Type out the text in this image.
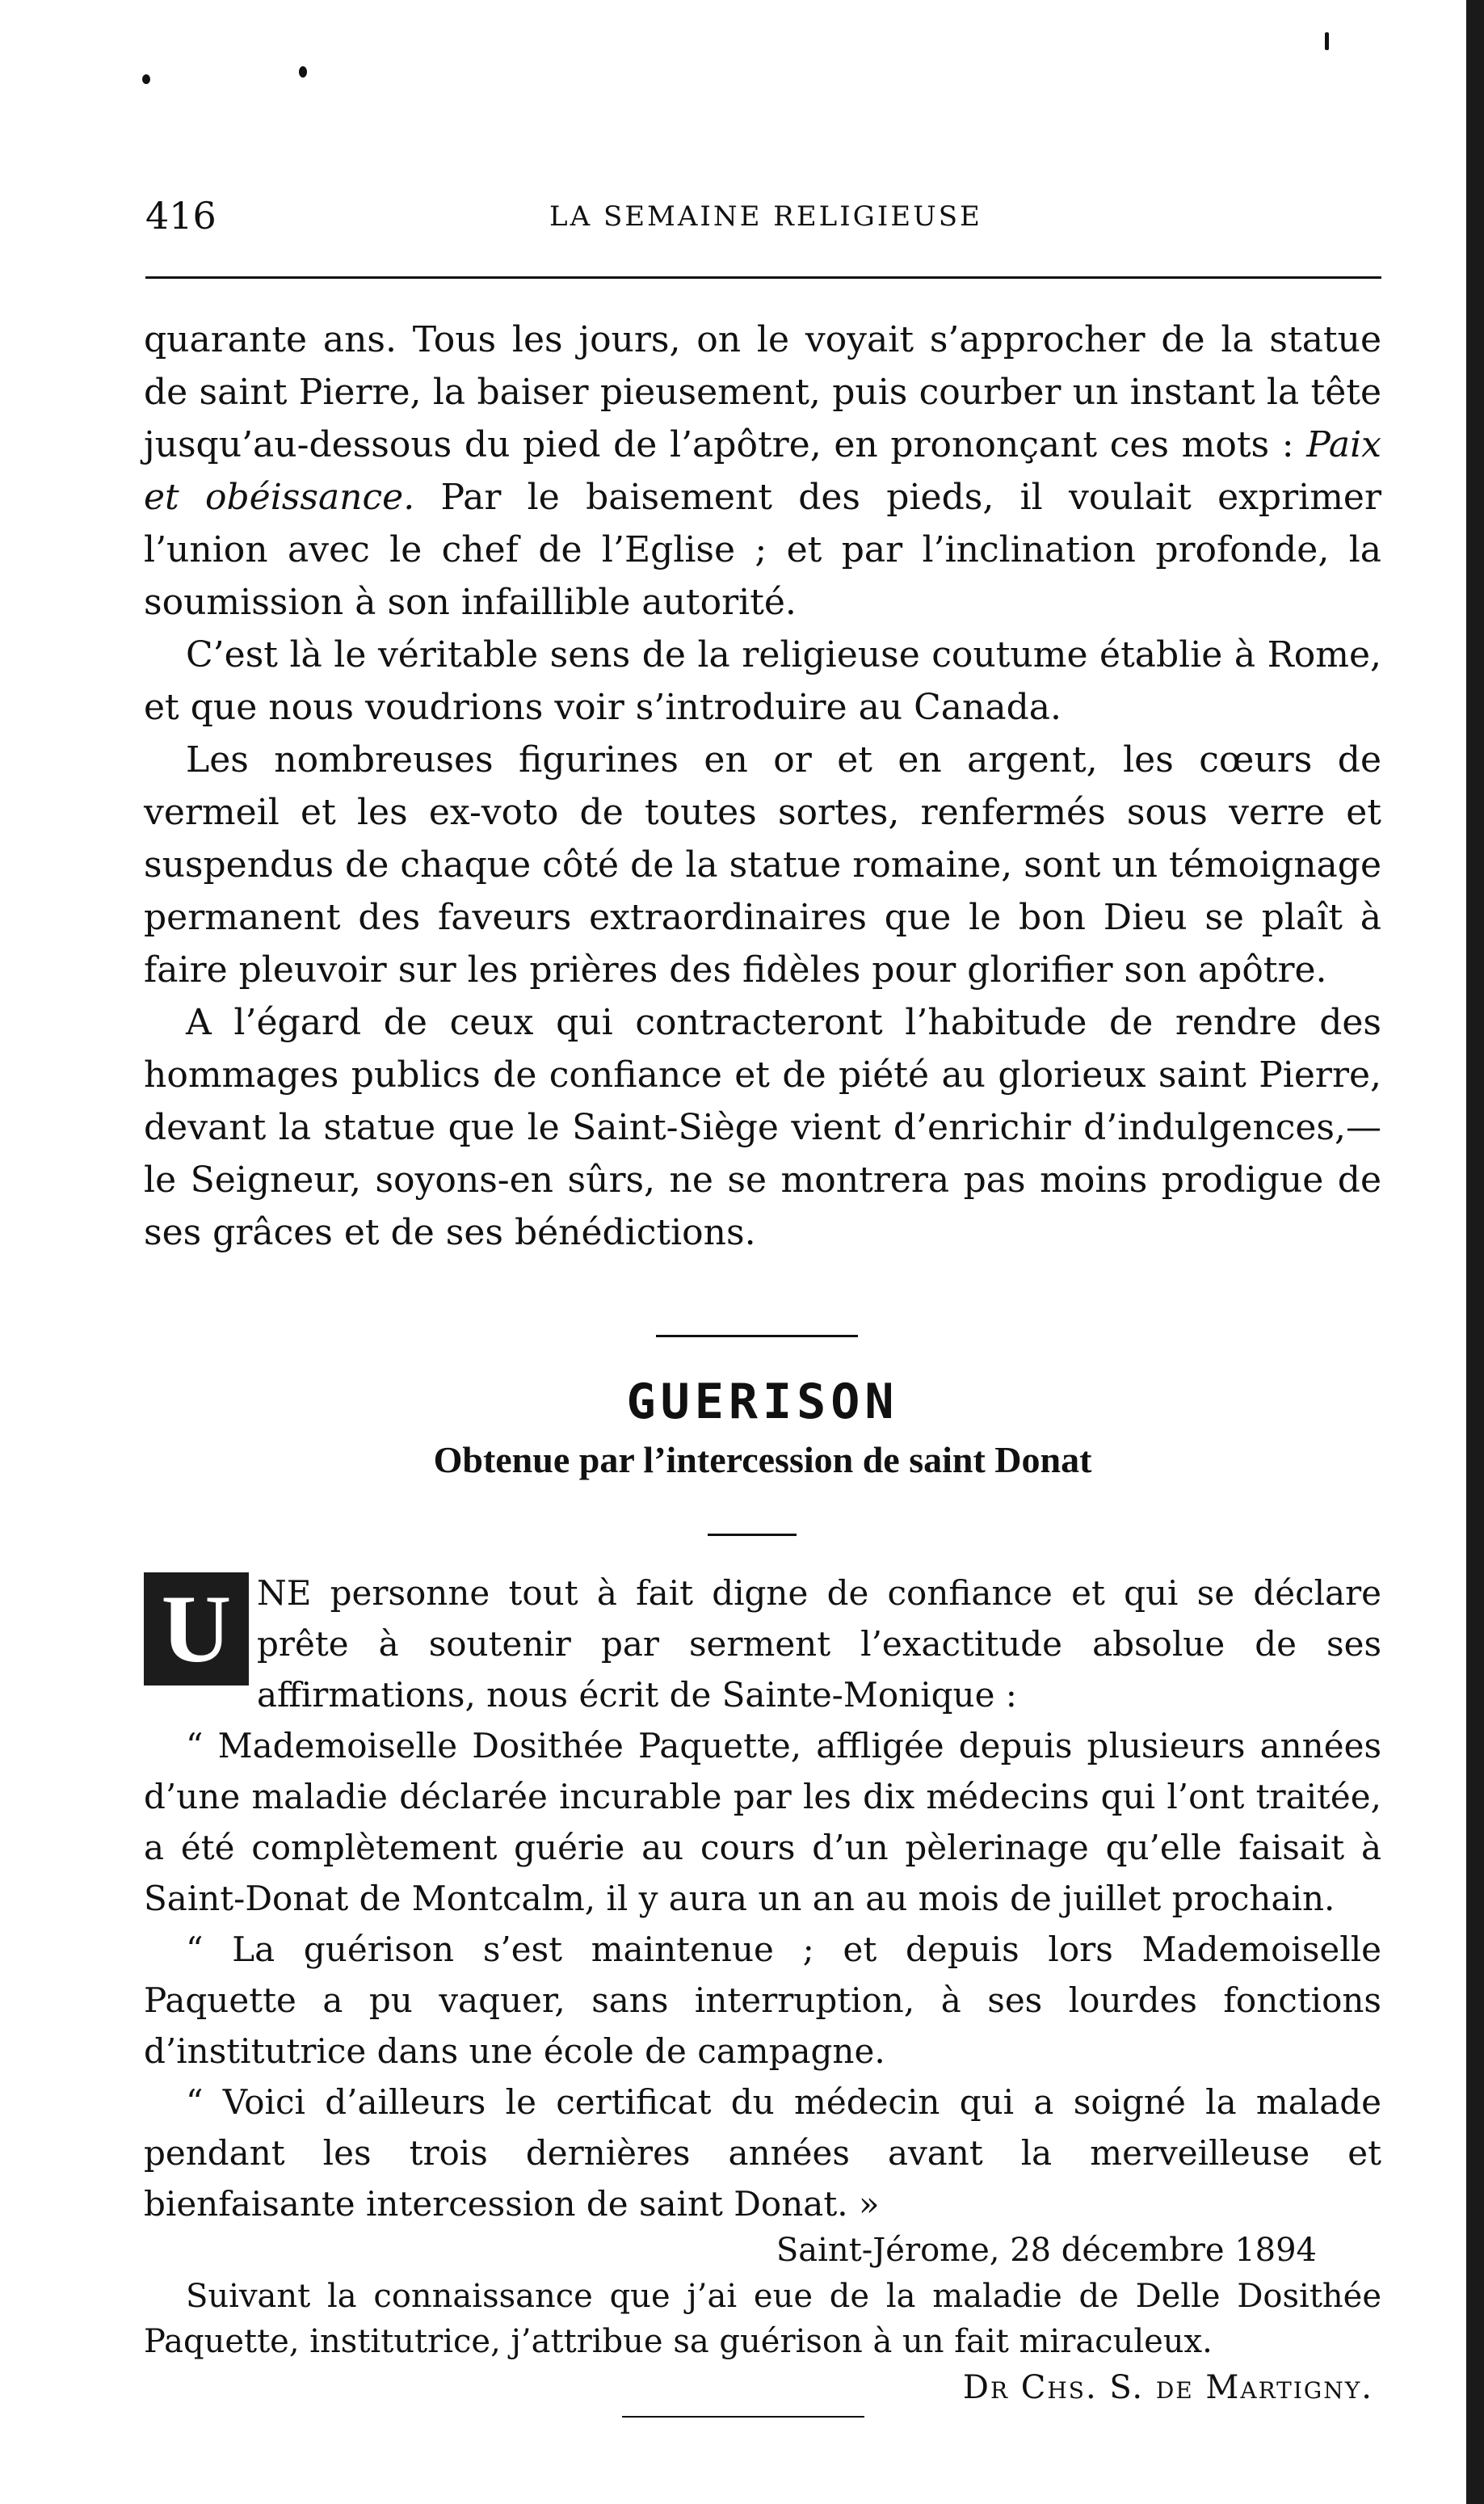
416	LA SEMAINE RELIGIEUSE

quarante ans. Tous les jours, on le voyait s’approcher de la statue de saint Pierre, la baiser pieusement, puis courber un instant la tête jusqu’au-dessous du pied de l’apôtre, en prononçant ces mots : Paix et obéissance. Par le baisement des pieds, il voulait exprimer l’union avec le chef de l’Eglise ; et par l’inclination profonde, la soumission à son infaillible autorité.

C’est là le véritable sens de la religieuse coutume établie à Rome, et que nous voudrions voir s’introduire au Canada.

Les nombreuses figurines en or et en argent, les cœurs de vermeil et les ex-voto de toutes sortes, renfermés sous verre et suspendus de chaque côté de la statue romaine, sont un témoignage permanent des faveurs extraordinaires que le bon Dieu se plaît à faire pleuvoir sur les prières des fidèles pour glorifier son apôtre.

A l’égard de ceux qui contracteront l’habitude de rendre des hommages publics de confiance et de piété au glorieux saint Pierre, devant la statue que le Saint-Siège vient d’enrichir d’indulgences,—le Seigneur, soyons-en sûrs, ne se montrera pas moins prodigue de ses grâces et de ses bénédictions.

GUERISON
Obtenue par l’intercession de saint Donat
U NE personne tout à fait digne de confiance et qui se déclare prête à soutenir par serment l’exactitude absolue de ses affirmations, nous écrit de Sainte-Monique :

“ Mademoiselle Dosithée Paquette, affligée depuis plusieurs années d’une maladie déclarée incurable par les dix médecins qui l’ont traitée, a été complètement guérie au cours d’un pèlerinage qu’elle faisait à Saint-Donat de Montcalm, il y aura un an au mois de juillet prochain.

“ La guérison s’est maintenue ; et depuis lors Mademoiselle Paquette a pu vaquer, sans interruption, à ses lourdes fonctions d’institutrice dans une école de campagne.

“ Voici d’ailleurs le certificat du médecin qui a soigné la malade pendant les trois dernières années avant la merveilleuse et bienfaisante intercession de saint Donat. »

Saint-Jérome, 28 décembre 1894

Suivant la connaissance que j’ai eue de la maladie de Delle Dosithée Paquette, institutrice, j’attribue sa guérison à un fait miraculeux.

Dr Chs. S. de Martigny.
